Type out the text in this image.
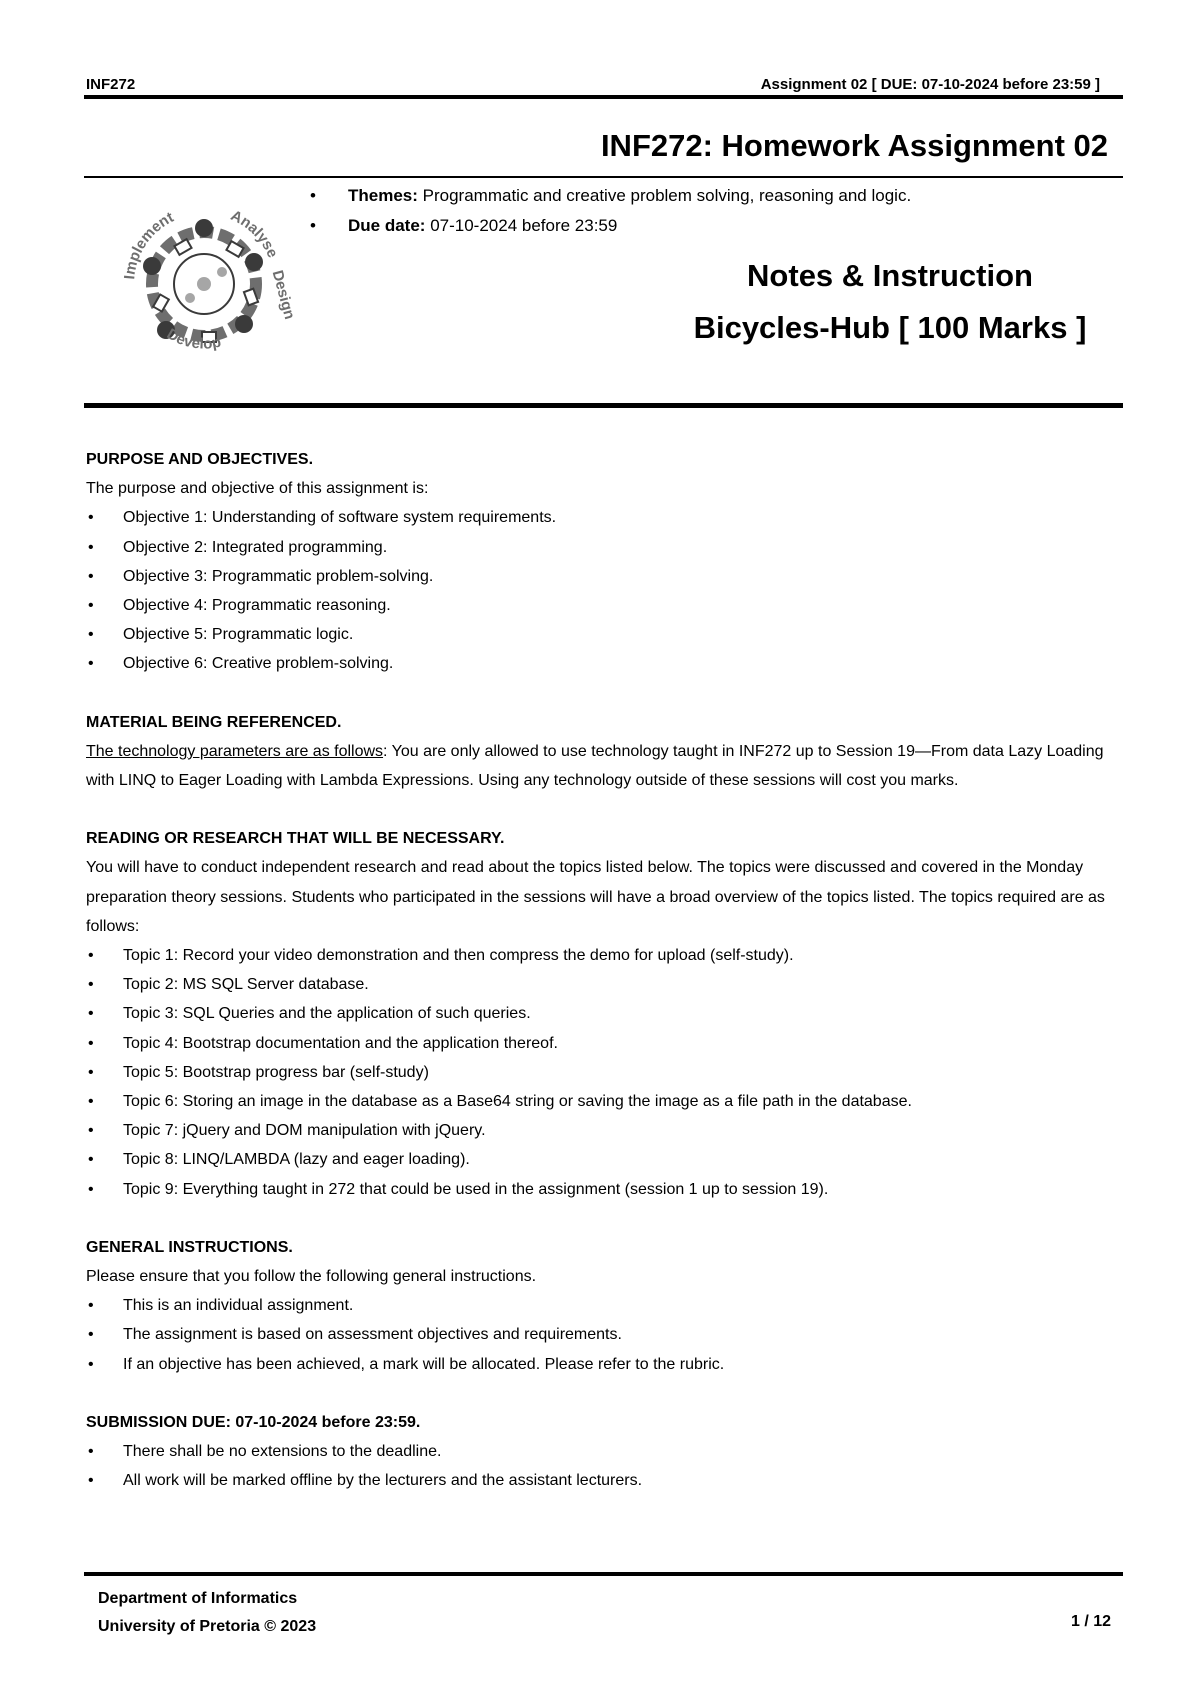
INF272	Assignment 02 [ DUE: 07-10-2024 before 23:59 ]
INF272: Homework Assignment 02
Analyse
Implement
Develop
Design
• Themes: Programmatic and creative problem solving, reasoning and logic.
• Due date: 07-10-2024 before 23:59
Notes & Instruction
Bicycles-Hub [ 100 Marks ]
PURPOSE AND OBJECTIVES.

The purpose and objective of this assignment is:

• Objective 1: Understanding of software system requirements.
• Objective 2: Integrated programming.
• Objective 3: Programmatic problem-solving.
• Objective 4: Programmatic reasoning.
• Objective 5: Programmatic logic.
• Objective 6: Creative problem-solving.
MATERIAL BEING REFERENCED.

The technology parameters are as follows: You are only allowed to use technology taught in INF272 up to Session 19—From data Lazy Loading with LINQ to Eager Loading with Lambda Expressions. Using any technology outside of these sessions will cost you marks.

READING OR RESEARCH THAT WILL BE NECESSARY.

You will have to conduct independent research and read about the topics listed below. The topics were discussed and covered in the Monday preparation theory sessions. Students who participated in the sessions will have a broad overview of the topics listed. The topics required are as follows:

• Topic 1: Record your video demonstration and then compress the demo for upload (self-study).
• Topic 2: MS SQL Server database.
• Topic 3: SQL Queries and the application of such queries.
• Topic 4: Bootstrap documentation and the application thereof.
• Topic 5: Bootstrap progress bar (self-study)
• Topic 6: Storing an image in the database as a Base64 string or saving the image as a file path in the database.
• Topic 7: jQuery and DOM manipulation with jQuery.
• Topic 8: LINQ/LAMBDA (lazy and eager loading).
• Topic 9: Everything taught in 272 that could be used in the assignment (session 1 up to session 19).
GENERAL INSTRUCTIONS.

Please ensure that you follow the following general instructions.

• This is an individual assignment.
• The assignment is based on assessment objectives and requirements.
• If an objective has been achieved, a mark will be allocated. Please refer to the rubric.
SUBMISSION DUE: 07-10-2024 before 23:59.
• There shall be no extensions to the deadline.
• All work will be marked offline by the lecturers and the assistant lecturers.
Department of Informatics
University of Pretoria © 2023	1 / 12
